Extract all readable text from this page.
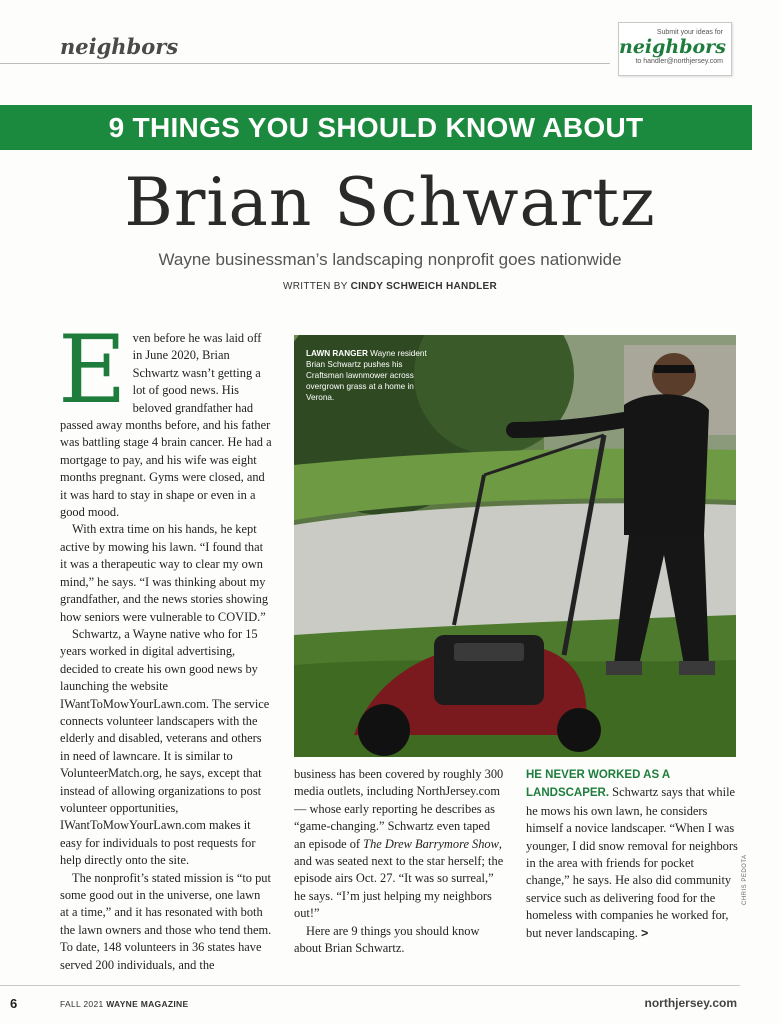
neighbors
Submit your ideas for
neighbors
to handler@northjersey.com
9 THINGS YOU SHOULD KNOW ABOUT
Brian Schwartz
Wayne businessman’s landscaping nonprofit goes nationwide
WRITTEN BY CINDY SCHWEICH HANDLER

Even before he was laid off in June 2020, Brian Schwartz wasn’t getting a lot of good news. His beloved grandfather had passed away months before, and his father was battling stage 4 brain cancer. He had a mortgage to pay, and his wife was eight months pregnant. Gyms were closed, and it was hard to stay in shape or even in a good mood.

With extra time on his hands, he kept active by mowing his lawn. “I found that it was a therapeutic way to clear my own mind,” he says. “I was thinking about my grandfather, and the news stories showing how seniors were vulnerable to COVID.”

Schwartz, a Wayne native who for 15 years worked in digital advertising, decided to create his own good news by launching the website IWantToMowYourLawn.com. The service connects volunteer landscapers with the elderly and disabled, veterans and others in need of lawncare. It is similar to VolunteerMatch.org, he says, except that instead of allowing organizations to post volunteer opportunities, IWantToMowYourLawn.com makes it easy for individuals to post requests for help directly onto the site.

The nonprofit’s stated mission is “to put some good out in the universe, one lawn at a time,” and it has resonated with both the lawn owners and those who tend them. To date, 148 volunteers in 36 states have served 200 individuals, and the

LAWN RANGER Wayne resident Brian Schwartz pushes his Craftsman lawnmower across overgrown grass at a home in Verona.
CHRIS PEDOTA

business has been covered by roughly 300 media outlets, including NorthJersey.com — whose early reporting he describes as “game-changing.” Schwartz even taped an episode of The Drew Barrymore Show, and was seated next to the star herself; the episode airs Oct. 27. “It was so surreal,” he says. “I’m just helping my neighbors out!”

Here are 9 things you should know about Brian Schwartz.

HE NEVER WORKED AS A LANDSCAPER. Schwartz says that while he mows his own lawn, he considers himself a novice landscaper. “When I was younger, I did snow removal for neighbors in the area with friends for pocket change,” he says. He also did community service such as delivering food for the homeless with companies he worked for, but never landscaping. >

6	FALL 2021 WAYNE MAGAZINE	northjersey.com
